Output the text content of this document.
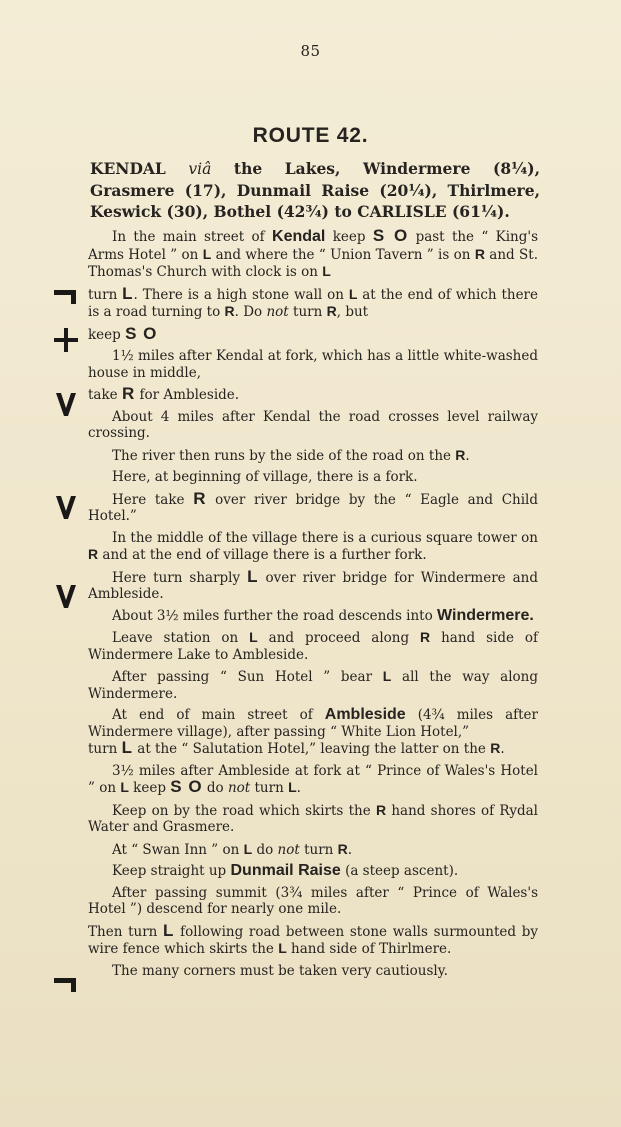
85
ROUTE 42.
KENDAL viâ the Lakes, Windermere (8¼), Grasmere (17), Dunmail Raise (20¼), Thirlmere, Keswick (30), Bothel (42¾) to CARLISLE (61¼).

In the main street of Kendal keep S O past the “ King's Arms Hotel ” on L and where the “ Union Tavern ” is on R and St. Thomas's Church with clock is on L

turn L. There is a high stone wall on L at the end of which there is a road turning to R. Do not turn R, but

keep S O

1½ miles after Kendal at fork, which has a little white-washed house in middle,

take R for Ambleside.

About 4 miles after Kendal the road crosses level railway crossing.

The river then runs by the side of the road on the R.

Here, at beginning of village, there is a fork.

Here take R over river bridge by the “ Eagle and Child Hotel.”

In the middle of the village there is a curious square tower on R and at the end of village there is a further fork.

Here turn sharply L over river bridge for Windermere and Ambleside.

About 3½ miles further the road descends into Windermere.

Leave station on L and proceed along R hand side of Windermere Lake to Ambleside.

After passing “ Sun Hotel ” bear L all the way along Windermere.

At end of main street of Ambleside (4¾ miles after Windermere village), after passing “ White Lion Hotel,”
turn L at the “ Salutation Hotel,” leaving the latter on the R.

3½ miles after Ambleside at fork at “ Prince of Wales's Hotel ” on L keep S O do not turn L.

Keep on by the road which skirts the R hand shores of Rydal Water and Grasmere.

At “ Swan Inn ” on L do not turn R.

Keep straight up Dunmail Raise (a steep ascent).

After passing summit (3¾ miles after “ Prince of Wales's Hotel ”) descend for nearly one mile.

Then turn L following road between stone walls surmounted by wire fence which skirts the L hand side of Thirlmere.

The many corners must be taken very cautiously.
